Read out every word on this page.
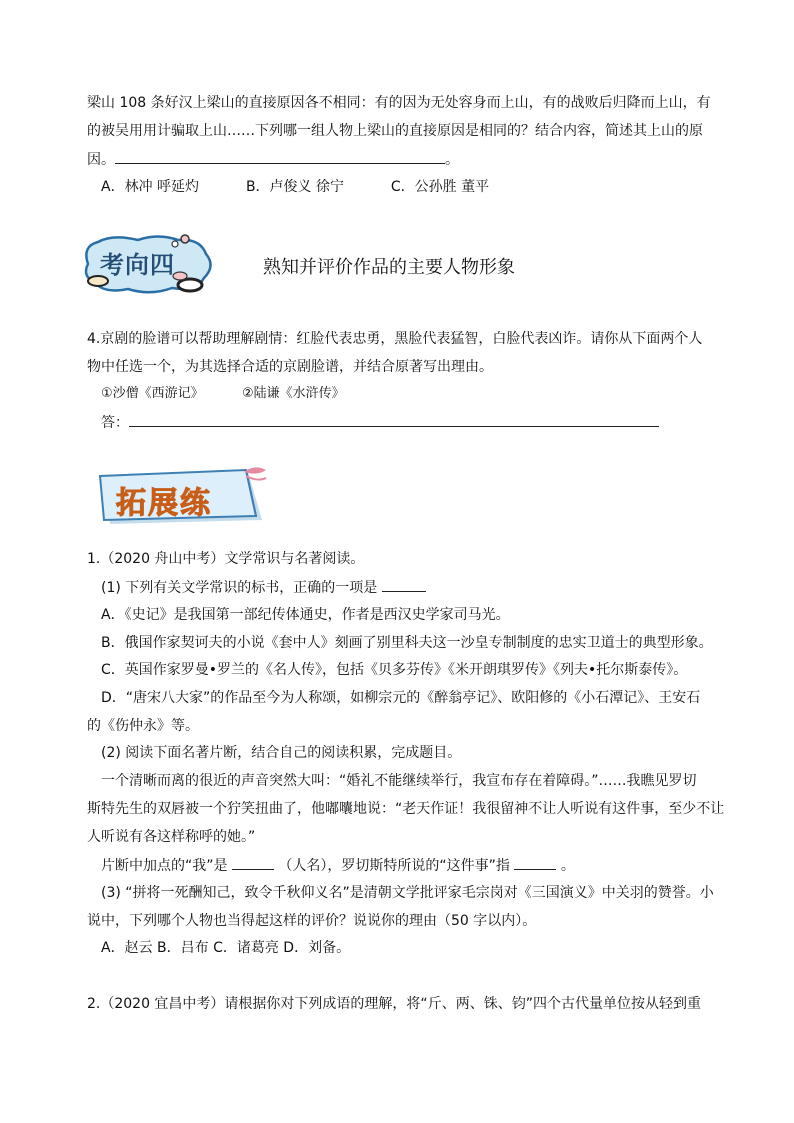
梁山 108 条好汉上梁山的直接原因各不相同：有的因为无处容身而上山，有的战败后归降而上山，有
的被吴用用计骗取上山……下列哪一组人物上梁山的直接原因是相同的？结合内容，简述其上山的原
因。	。
A．林冲 呼延灼	B．卢俊义 徐宁	C．公孙胜 董平
考向四	熟知并评价作品的主要人物形象
4.京剧的脸谱可以帮助理解剧情：红脸代表忠勇，黑脸代表猛智，白脸代表凶诈。请你从下面两个人
物中任选一个，为其选择合适的京剧脸谱，并结合原著写出理由。
①沙僧《西游记》	②陆谦《水浒传》
答：
拓展练
1.（2020 舟山中考）文学常识与名著阅读。
(1) 下列有关文学常识的标书，正确的一项是
A．《史记》是我国第一部纪传体通史，作者是西汉史学家司马光。
B．俄国作家契诃夫的小说《套中人》刻画了别里科夫这一沙皇专制制度的忠实卫道士的典型形象。
C．英国作家罗曼•罗兰的《名人传》，包括《贝多芬传》《米开朗琪罗传》《列夫•托尔斯泰传》。
D．“唐宋八大家”的作品至今为人称颂，如柳宗元的《醉翁亭记》、欧阳修的《小石潭记》、王安石
的《伤仲永》等。
(2) 阅读下面名著片断，结合自己的阅读积累，完成题目。
一个清晰而离的很近的声音突然大叫：“婚礼不能继续举行，我宣布存在着障碍。”……我瞧见罗切
斯特先生的双唇被一个狞笑扭曲了，他嘟囔地说：“老天作证！我很留神不让人听说有这件事，至少不让
人听说有各这样称呼的她。”
片断中加点的“我”是	（人名），罗切斯特所说的“这件事”指	。
(3) “拼将一死酬知己，致令千秋仰义名”是清朝文学批评家毛宗岗对《三国演义》中关羽的赞誉。小
说中，下列哪个人物也当得起这样的评价？说说你的理由（50 字以内）。
A．赵云 B．吕布 C．诸葛亮 D．刘备。
2.（2020 宜昌中考）请根据你对下列成语的理解，将“斤、两、铢、钧”四个古代量单位按从轻到重
